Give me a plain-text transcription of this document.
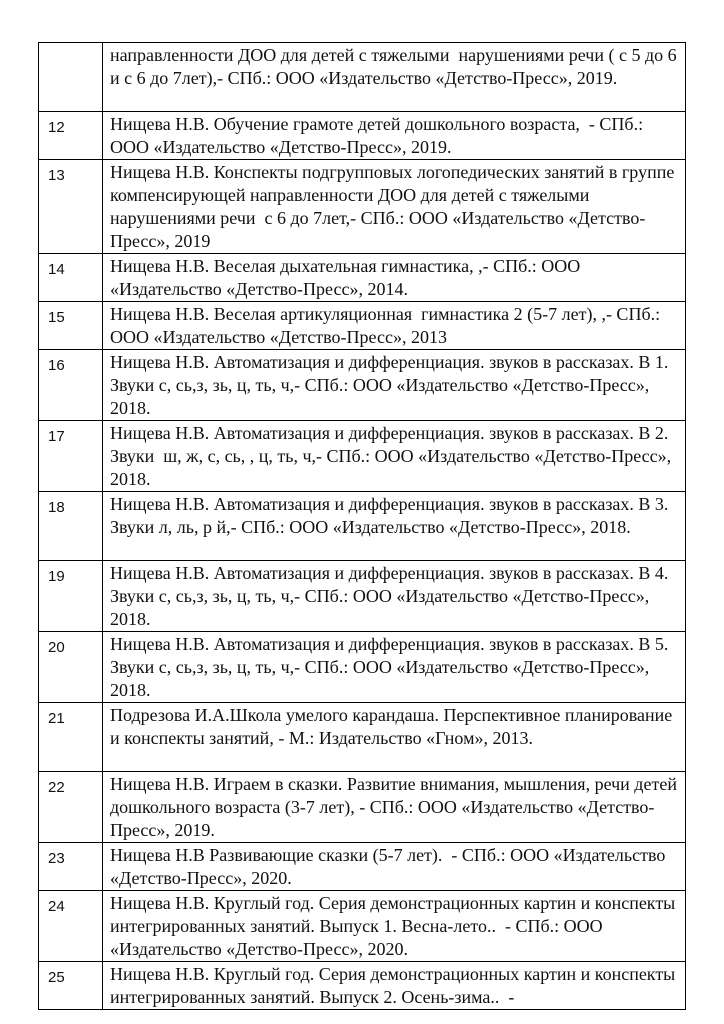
	направленности ДОО для детей с тяжелыми  нарушениями речи ( с 5 до 6 и с 6 до 7лет),- СПб.: ООО «Издательство «Детство-Пресс», 2019.

12	Нищева Н.В. Обучение грамоте детей дошкольного возраста,  - СПб.: ООО «Издательство «Детство-Пресс», 2019.

13	Нищева Н.В. Конспекты подгрупповых логопедических занятий в группе компенсирующей направленности ДОО для детей с тяжелыми  нарушениями речи  с 6 до 7лет,- СПб.: ООО «Издательство «Детство-Пресс», 2019

14	Нищева Н.В. Веселая дыхательная гимнастика, ,- СПб.: ООО «Издательство «Детство-Пресс», 2014.

15	Нищева Н.В. Веселая артикуляционная  гимнастика 2 (5-7 лет), ,- СПб.: ООО «Издательство «Детство-Пресс», 2013

16	Нищева Н.В. Автоматизация и дифференциация. звуков в рассказах. В 1. Звуки с, сь,з, зь, ц, ть, ч,- СПб.: ООО «Издательство «Детство-Пресс», 2018.

17	Нищева Н.В. Автоматизация и дифференциация. звуков в рассказах. В 2. Звуки  ш, ж, с, сь, , ц, ть, ч,- СПб.: ООО «Издательство «Детство-Пресс», 2018.

18	Нищева Н.В. Автоматизация и дифференциация. звуков в рассказах. В 3. Звуки л, ль, р й,- СПб.: ООО «Издательство «Детство-Пресс», 2018.

19	Нищева Н.В. Автоматизация и дифференциация. звуков в рассказах. В 4. Звуки с, сь,з, зь, ц, ть, ч,- СПб.: ООО «Издательство «Детство-Пресс», 2018.

20	Нищева Н.В. Автоматизация и дифференциация. звуков в рассказах. В 5. Звуки с, сь,з, зь, ц, ть, ч,- СПб.: ООО «Издательство «Детство-Пресс», 2018.

21	Подрезова И.А.Школа умелого карандаша. Перспективное планирование и конспекты занятий, - М.: Издательство «Гном», 2013.

22	Нищева Н.В. Играем в сказки. Развитие внимания, мышления, речи детей дошкольного возраста (3-7 лет), - СПб.: ООО «Издательство «Детство-Пресс», 2019.

23	Нищева Н.В Развивающие сказки (5-7 лет).  - СПб.: ООО «Издательство «Детство-Пресс», 2020.

24	Нищева Н.В. Круглый год. Серия демонстрационных картин и конспекты интегрированных занятий. Выпуск 1. Весна-лето..  - СПб.: ООО «Издательство «Детство-Пресс», 2020.

25	Нищева Н.В. Круглый год. Серия демонстрационных картин и конспекты интегрированных занятий. Выпуск 2. Осень-зима..  -
